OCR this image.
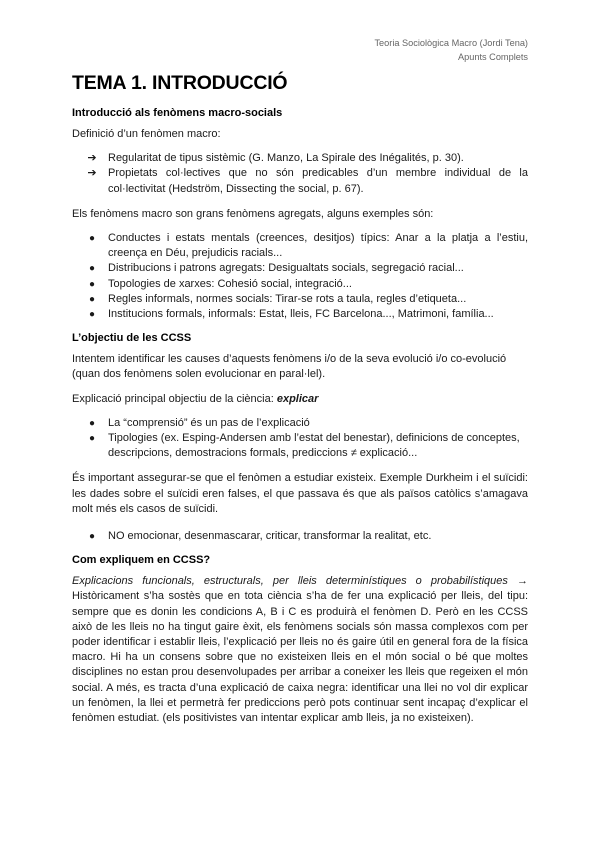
Teoria Sociològica Macro (Jordi Tena)
Apunts Complets
TEMA 1. INTRODUCCIÓ
Introducció als fenòmens macro-socials

Definició d’un fenòmen macro:

➔ Regularitat de tipus sistèmic (G. Manzo, La Spirale des Inégalités, p. 30).
➔ Propietats col·lectives que no són predicables d’un membre individual de la col·lectivitat (Hedström, Dissecting the social, p. 67).

Els fenòmens macro son grans fenòmens agregats, alguns exemples són:

●	Conductes i estats mentals (creences, desitjos) típics: Anar a la platja a l’estiu, creença en Déu, prejudicis racials...
●	Distribucions i patrons agregats: Desigualtats socials, segregació racial...
●	Topologies de xarxes: Cohesió social, integració...
●	Regles informals, normes socials: Tirar-se rots a taula, regles d’etiqueta...
●	Institucions formals, informals: Estat, lleis, FC Barcelona..., Matrimoni, família...
L’objectiu de les CCSS

Intentem identificar les causes d’aquests fenòmens i/o de la seva evolució i/o co-evolució (quan dos fenòmens solen evolucionar en paral·lel).

Explicació principal objectiu de la ciència: explicar

●	La “comprensió” és un pas de l’explicació
●	Tipologies (ex. Esping-Andersen amb l’estat del benestar), definicions de conceptes, descripcions, demostracions formals, prediccions ≠ explicació...

És important assegurar-se que el fenòmen a estudiar existeix. Exemple Durkheim i el suïcidi: les dades sobre el suïcidi eren falses, el que passava és que als països catòlics s’amagava molt més els casos de suïcidi.

●	NO emocionar, desenmascarar, criticar, transformar la realitat, etc.
Com expliquem en CCSS?

Explicacions funcionals, estructurals, per lleis determinístiques o probabilístiques → Històricament s’ha sostès que en tota ciència s’ha de fer una explicació per lleis, del tipu: sempre que es donin les condicions A, B i C es produirà el fenòmen D. Però en les CCSS això de les lleis no ha tingut gaire èxit, els fenòmens socials són massa complexos com per poder identificar i establir lleis, l’explicació per lleis no és gaire útil en general fora de la física macro. Hi ha un consens sobre que no existeixen lleis en el món social o bé que moltes disciplines no estan prou desenvolupades per arribar a coneixer les lleis que regeixen el món social. A més, es tracta d’una explicació de caixa negra: identificar una llei no vol dir explicar un fenòmen, la llei et permetrà fer prediccions però pots continuar sent incapaç d’explicar el fenòmen estudiat. (els positivistes van intentar explicar amb lleis, ja no existeixen).
